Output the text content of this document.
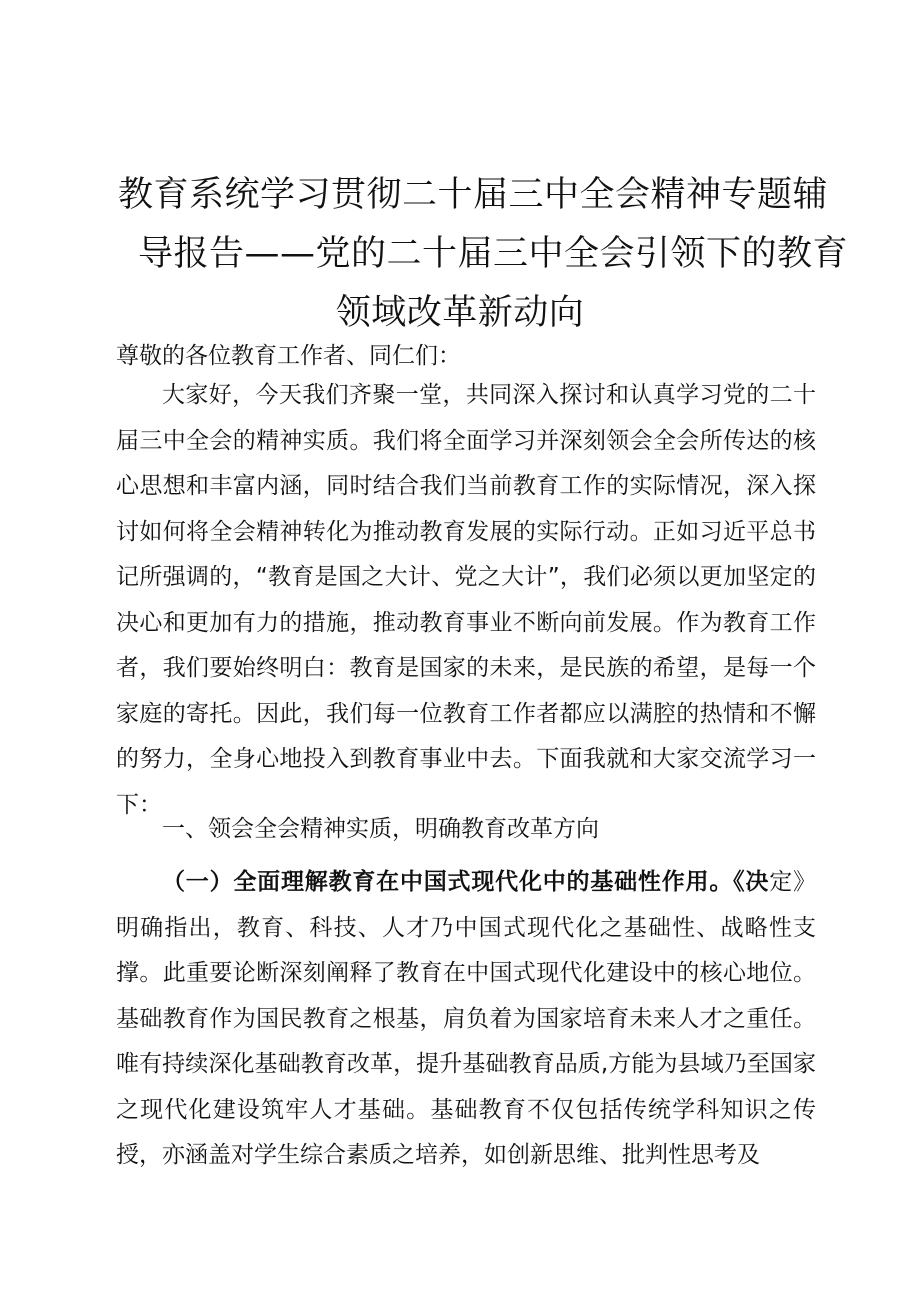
教育系统学习贯彻二十届三中全会精神专题辅
导报告——党的二十届三中全会引领下的教育
领域改革新动向

尊敬的各位教育工作者、同仁们：

大家好，今天我们齐聚一堂，共同深入探讨和认真学习党的二十届三中全会的精神实质。我们将全面学习并深刻领会全会所传达的核心思想和丰富内涵，同时结合我们当前教育工作的实际情况，深入探讨如何将全会精神转化为推动教育发展的实际行动。正如习近平总书记所强调的，“教育是国之大计、党之大计”，我们必须以更加坚定的决心和更加有力的措施，推动教育事业不断向前发展。作为教育工作者，我们要始终明白：教育是国家的未来，是民族的希望，是每一个家庭的寄托。因此，我们每一位教育工作者都应以满腔的热情和不懈的努力，全身心地投入到教育事业中去。下面我就和大家交流学习一下：

一、领会全会精神实质，明确教育改革方向

（一）全面理解教育在中国式现代化中的基础性作用。《决定》明确指出，教育、科技、人才乃中国式现代化之基础性、战略性支撑。此重要论断深刻阐释了教育在中国式现代化建设中的核心地位。基础教育作为国民教育之根基，肩负着为国家培育未来人才之重任。唯有持续深化基础教育改革，提升基础教育品质,方能为县域乃至国家之现代化建设筑牢人才基础。基础教育不仅包括传统学科知识之传授，亦涵盖对学生综合素质之培养，如创新思维、批判性思考及
